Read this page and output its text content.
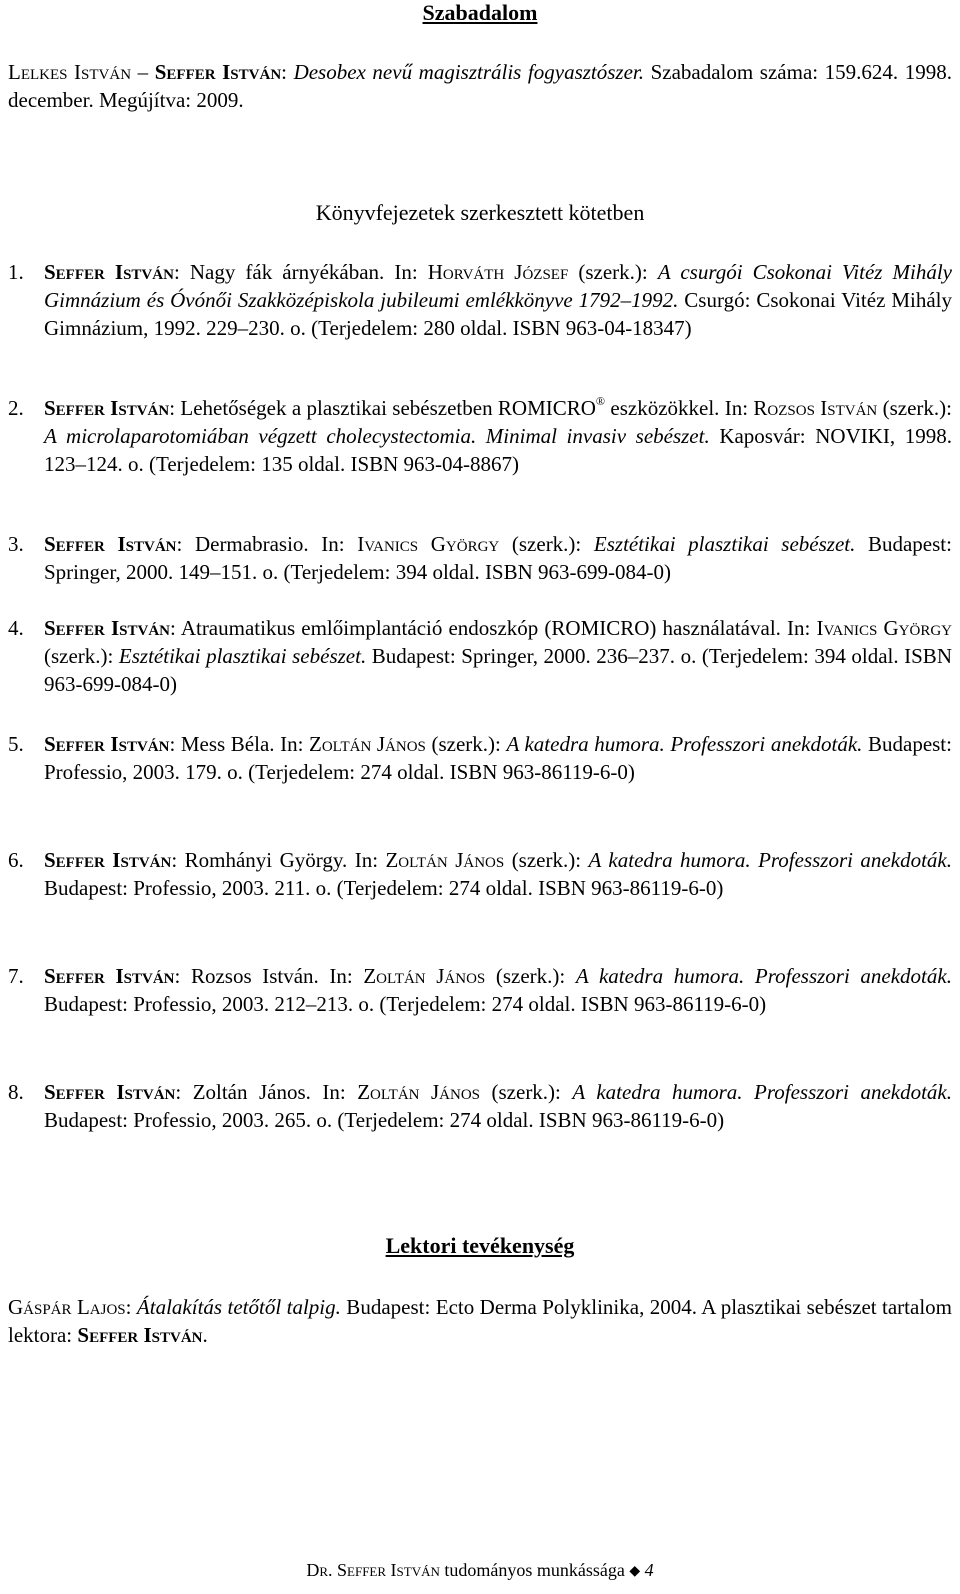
Szabadalom
Lelkes István – Seffer István: Desobex nevű magisztrális fogyasztószer. Szabadalom száma: 159.624. 1998. december. Megújítva: 2009.
Könyvfejezetek szerkesztett kötetben
1. Seffer István: Nagy fák árnyékában. In: Horváth József (szerk.): A csurgói Csokonai Vitéz Mihály Gimnázium és Óvónői Szakközépiskola jubileumi emlékkönyve 1792–1992. Csurgó: Csokonai Vitéz Mihály Gimnázium, 1992. 229–230. o. (Terjedelem: 280 oldal. ISBN 963-04-18347)
2. Seffer István: Lehetőségek a plasztikai sebészetben ROMICRO® eszközökkel. In: Rozsos István (szerk.): A microlaparotomiában végzett cholecystectomia. Minimal invasiv sebészet. Kaposvár: NOVIKI, 1998. 123–124. o. (Terjedelem: 135 oldal. ISBN 963-04-8867)
3. Seffer István: Dermabrasio. In: Ivanics György (szerk.): Esztétikai plasztikai sebészet. Budapest: Springer, 2000. 149–151. o. (Terjedelem: 394 oldal. ISBN 963-699-084-0)
4. Seffer István: Atraumatikus emlőimplantáció endoszkóp (ROMICRO) használatával. In: Ivanics György (szerk.): Esztétikai plasztikai sebészet. Budapest: Springer, 2000. 236–237. o. (Terjedelem: 394 oldal. ISBN 963-699-084-0)
5. Seffer István: Mess Béla. In: Zoltán János (szerk.): A katedra humora. Professzori anekdoták. Budapest: Professio, 2003. 179. o. (Terjedelem: 274 oldal. ISBN 963-86119-6-0)
6. Seffer István: Romhányi György. In: Zoltán János (szerk.): A katedra humora. Professzori anekdoták. Budapest: Professio, 2003. 211. o. (Terjedelem: 274 oldal. ISBN 963-86119-6-0)
7. Seffer István: Rozsos István. In: Zoltán János (szerk.): A katedra humora. Professzori anekdoták. Budapest: Professio, 2003. 212–213. o. (Terjedelem: 274 oldal. ISBN 963-86119-6-0)
8. Seffer István: Zoltán János. In: Zoltán János (szerk.): A katedra humora. Professzori anekdoták. Budapest: Professio, 2003. 265. o. (Terjedelem: 274 oldal. ISBN 963-86119-6-0)
Lektori tevékenység
Gáspár Lajos: Átalakítás tetőtől talpig. Budapest: Ecto Derma Polyklinika, 2004. A plasztikai sebészet tartalom lektora: Seffer István.
Dr. Seffer István tudományos munkássága ◆ 4
